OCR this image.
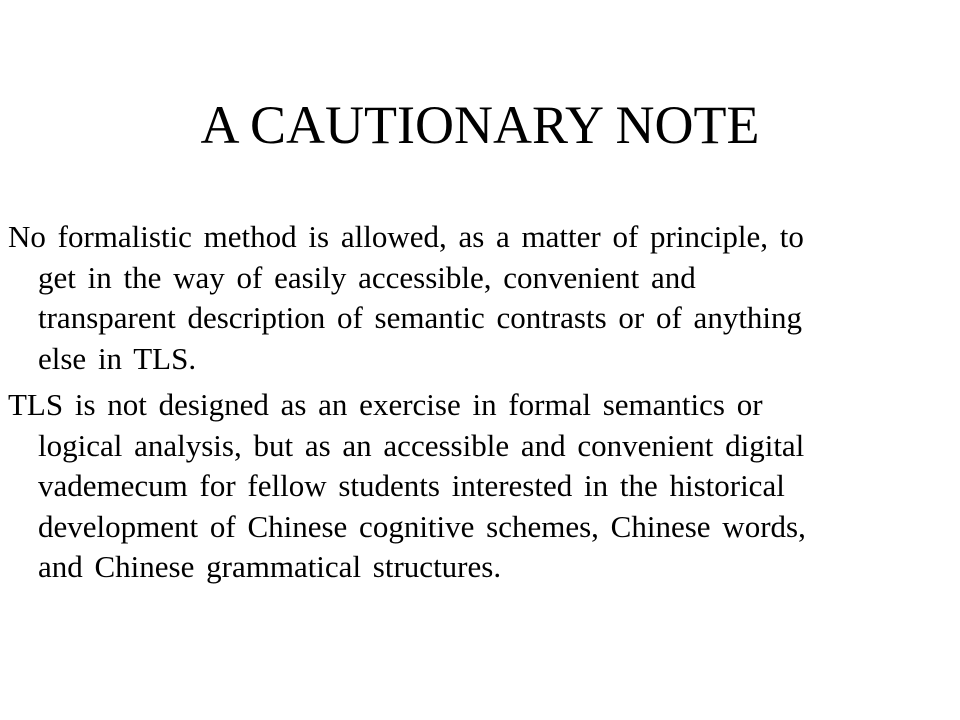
A CAUTIONARY NOTE

No formalistic method is allowed, as a matter of principle, to
get in the way of easily accessible, convenient and
transparent description of semantic contrasts or of anything
else in TLS.

TLS is not designed as an exercise in formal semantics or
logical analysis, but as an accessible and convenient digital
vademecum for fellow students interested in the historical
development of Chinese cognitive schemes, Chinese words,
and Chinese grammatical structures.
